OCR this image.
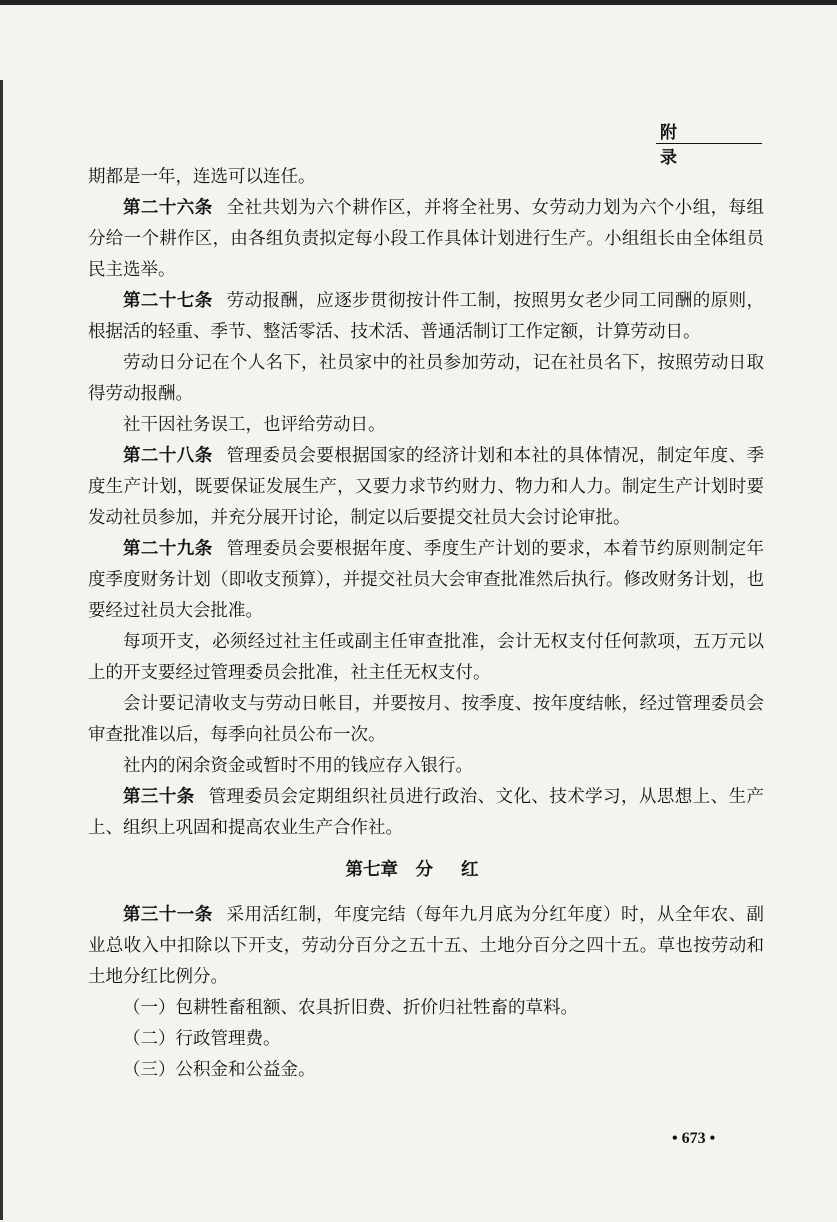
附 录

期都是一年，连选可以连任。

第二十六条 全社共划为六个耕作区，并将全社男、女劳动力划为六个小组，每组分给一个耕作区，由各组负责拟定每小段工作具体计划进行生产。小组组长由全体组员民主选举。

第二十七条 劳动报酬，应逐步贯彻按计件工制，按照男女老少同工同酬的原则，根据活的轻重、季节、整活零活、技术活、普通活制订工作定额，计算劳动日。

劳动日分记在个人名下，社员家中的社员参加劳动，记在社员名下，按照劳动日取得劳动报酬。

社干因社务误工，也评给劳动日。

第二十八条 管理委员会要根据国家的经济计划和本社的具体情况，制定年度、季度生产计划，既要保证发展生产，又要力求节约财力、物力和人力。制定生产计划时要发动社员参加，并充分展开讨论，制定以后要提交社员大会讨论审批。

第二十九条 管理委员会要根据年度、季度生产计划的要求，本着节约原则制定年度季度财务计划（即收支预算），并提交社员大会审查批准然后执行。修改财务计划，也要经过社员大会批准。

每项开支，必须经过社主任或副主任审查批准，会计无权支付任何款项，五万元以上的开支要经过管理委员会批准，社主任无权支付。

会计要记清收支与劳动日帐目，并要按月、按季度、按年度结帐，经过管理委员会审查批准以后，每季向社员公布一次。

社内的闲余资金或暂时不用的钱应存入银行。

第三十条 管理委员会定期组织社员进行政治、文化、技术学习，从思想上、生产上、组织上巩固和提高农业生产合作社。

第七章 分红

第三十一条 采用活红制，年度完结（每年九月底为分红年度）时，从全年农、副业总收入中扣除以下开支，劳动分百分之五十五、土地分百分之四十五。草也按劳动和土地分红比例分。

（一）包耕牲畜租额、农具折旧费、折价归社牲畜的草料。

（二）行政管理费。

（三）公积金和公益金。

• 673 •
